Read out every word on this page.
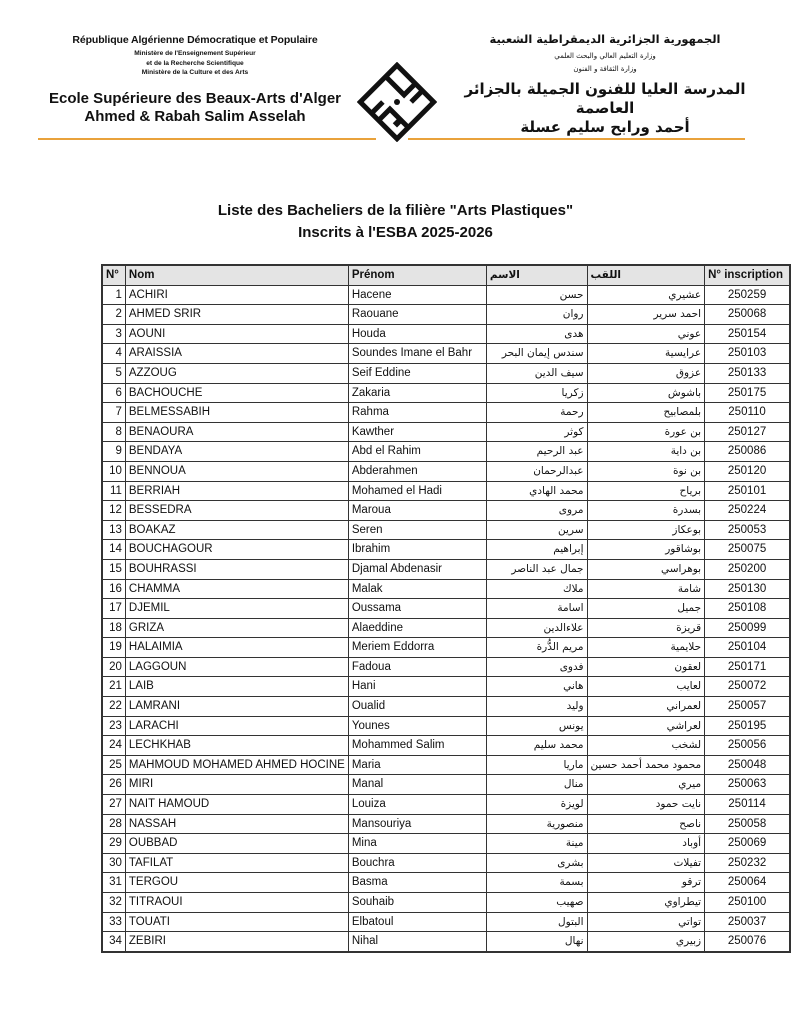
République Algérienne Démocratique et Populaire
Ministère de l'Enseignement Supérieur
et de la Recherche Scientifique
Ministère de la Culture et des Arts
Ecole Supérieure des Beaux-Arts d'Alger
Ahmed & Rabah Salim Asselah
الجمهورية الجزائرية الديمقراطية الشعبية
وزارة التعليم العالي والبحث العلمي
وزارة الثقافة و الفنون
المدرسة العليا للفنون الجميلة بالجزائر العاصمة
أحمد ورابح سليم عسلة
Liste des Bacheliers de la filière "Arts Plastiques"
Inscrits à l'ESBA 2025-2026
N°	Nom	Prénom	الاسم	اللقب	N° inscription
1	ACHIRI	Hacene	حسن	عشيري	250259
2	AHMED SRIR	Raouane	روان	احمد سرير	250068
3	AOUNI	Houda	هدى	عوني	250154
4	ARAISSIA	Soundes Imane el Bahr	سندس إيمان البحر	عرايسية	250103
5	AZZOUG	Seif Eddine	سيف الدين	عزوق	250133
6	BACHOUCHE	Zakaria	زكريا	باشوش	250175
7	BELMESSABIH	Rahma	رحمة	بلمصابيح	250110
8	BENAOURA	Kawther	كوثر	بن عورة	250127
9	BENDAYA	Abd el Rahim	عبد الرحيم	بن داية	250086
10	BENNOUA	Abderahmen	عبدالرحمان	بن نوة	250120
11	BERRIAH	Mohamed el Hadi	محمد الهادي	برياح	250101
12	BESSEDRA	Maroua	مروى	بسدرة	250224
13	BOAKAZ	Seren	سرين	بوعكاز	250053
14	BOUCHAGOUR	Ibrahim	إبراهيم	بوشاقور	250075
15	BOUHRASSI	Djamal Abdenasir	جمال عبد الناصر	بوهراسي	250200
16	CHAMMA	Malak	ملاك	شامة	250130
17	DJEMIL	Oussama	اسامة	جميل	250108
18	GRIZA	Alaeddine	علاءالدين	قريزة	250099
19	HALAIMIA	Meriem Eddorra	مريم الدُّرة	حلايمية	250104
20	LAGGOUN	Fadoua	فدوى	لعقون	250171
21	LAIB	Hani	هاني	لعايب	250072
22	LAMRANI	Oualid	وليد	لعمراني	250057
23	LARACHI	Younes	يونس	لعراشي	250195
24	LECHKHAB	Mohammed Salim	محمد سليم	لشخب	250056
25	MAHMOUD MOHAMED AHMED HOCINE	Maria	ماريا	محمود محمد أحمد حسين	250048
26	MIRI	Manal	منال	ميري	250063
27	NAIT HAMOUD	Louiza	لويزة	نايت حمود	250114
28	NASSAH	Mansouriya	منصورية	ناصح	250058
29	OUBBAD	Mina	مينة	أوباد	250069
30	TAFILAT	Bouchra	بشرى	تفيلات	250232
31	TERGOU	Basma	بسمة	ترقو	250064
32	TITRAOUI	Souhaib	صهيب	تيطراوي	250100
33	TOUATI	Elbatoul	البتول	تواتي	250037
34	ZEBIRI	Nihal	نهال	زبيري	250076
